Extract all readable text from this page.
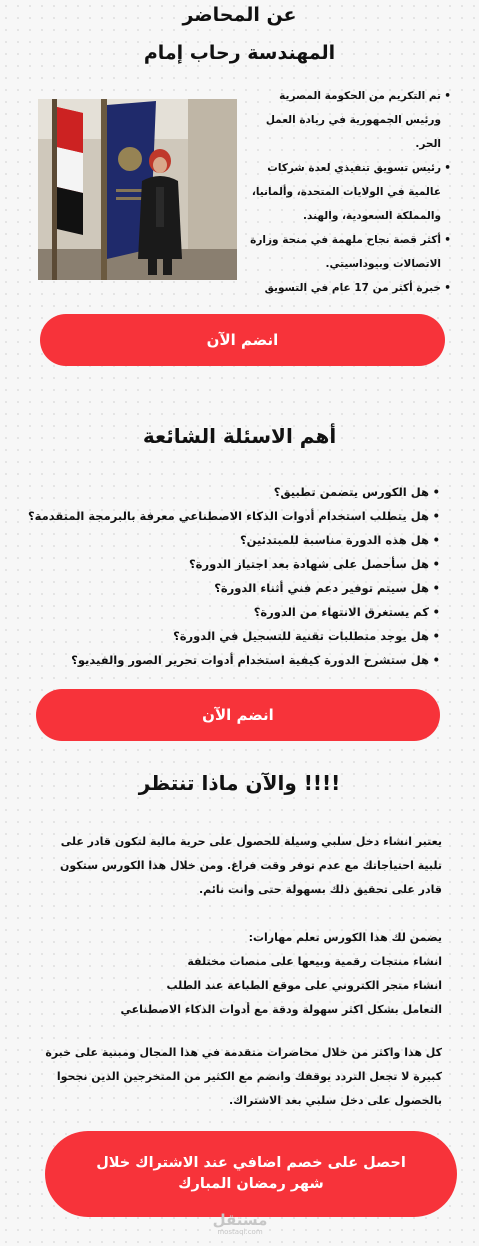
عن المحاضر
المهندسة رحاب إمام
• تم التكريم من الحكومة المصرية ورئيس الجمهورية في ريادة العمل الحر.
• رئيس تسويق تنفيذي لعدة شركات عالمية في الولايات المتحدة، وألمانيا، والمملكة السعودية، والهند.
• أكثر قصة نجاح ملهمة في منحة وزارة الاتصالات وبيوداسيتي.
• خبرة أكثر من 17 عام في التسويق
انضم الآن
أهم الاسئلة الشائعة
• هل الكورس يتضمن تطبيق؟
• هل يتطلب استخدام أدوات الذكاء الاصطناعي معرفة بالبرمجة المتقدمة؟
• هل هذه الدورة مناسبة للمبتدئين؟
• هل سأحصل على شهادة بعد اجتياز الدورة؟
• هل سيتم توفير دعم فني أثناء الدورة؟
• كم يستغرق الانتهاء من الدورة؟
• هل يوجد متطلبات تقنية للتسجيل في الدورة؟
• هل ستشرح الدورة كيفية استخدام أدوات تحرير الصور والفيديو؟
انضم الآن
والآن ماذا تنتظر !!!!

يعتبر انشاء دخل سلبي وسيلة للحصول على حرية مالية لتكون قادر على تلبية احتياجاتك مع عدم توفر وقت فراغ. ومن خلال هذا الكورس ستكون قادر على تحقيق ذلك بسهولة حتى وانت نائم.

يضمن لك هذا الكورس تعلم مهارات:
انشاء منتجات رقمية وبيعها على منصات مختلفة
انشاء متجر الكتروني على موقع الطباعة عند الطلب
التعامل بشكل اكثر سهولة ودقة مع أدوات الذكاء الاصطناعي

كل هذا واكثر من خلال محاضرات متقدمة في هذا المجال ومبنية على خبرة كبيرة لا تجعل التردد يوقفك وانضم مع الكثير من المتخرجين الذين نجحوا بالحصول على دخل سلبي بعد الاشتراك.

احصل على خصم اضافي عند الاشتراك خلال شهر رمضان المبارك
مستقل
mostaql.com
